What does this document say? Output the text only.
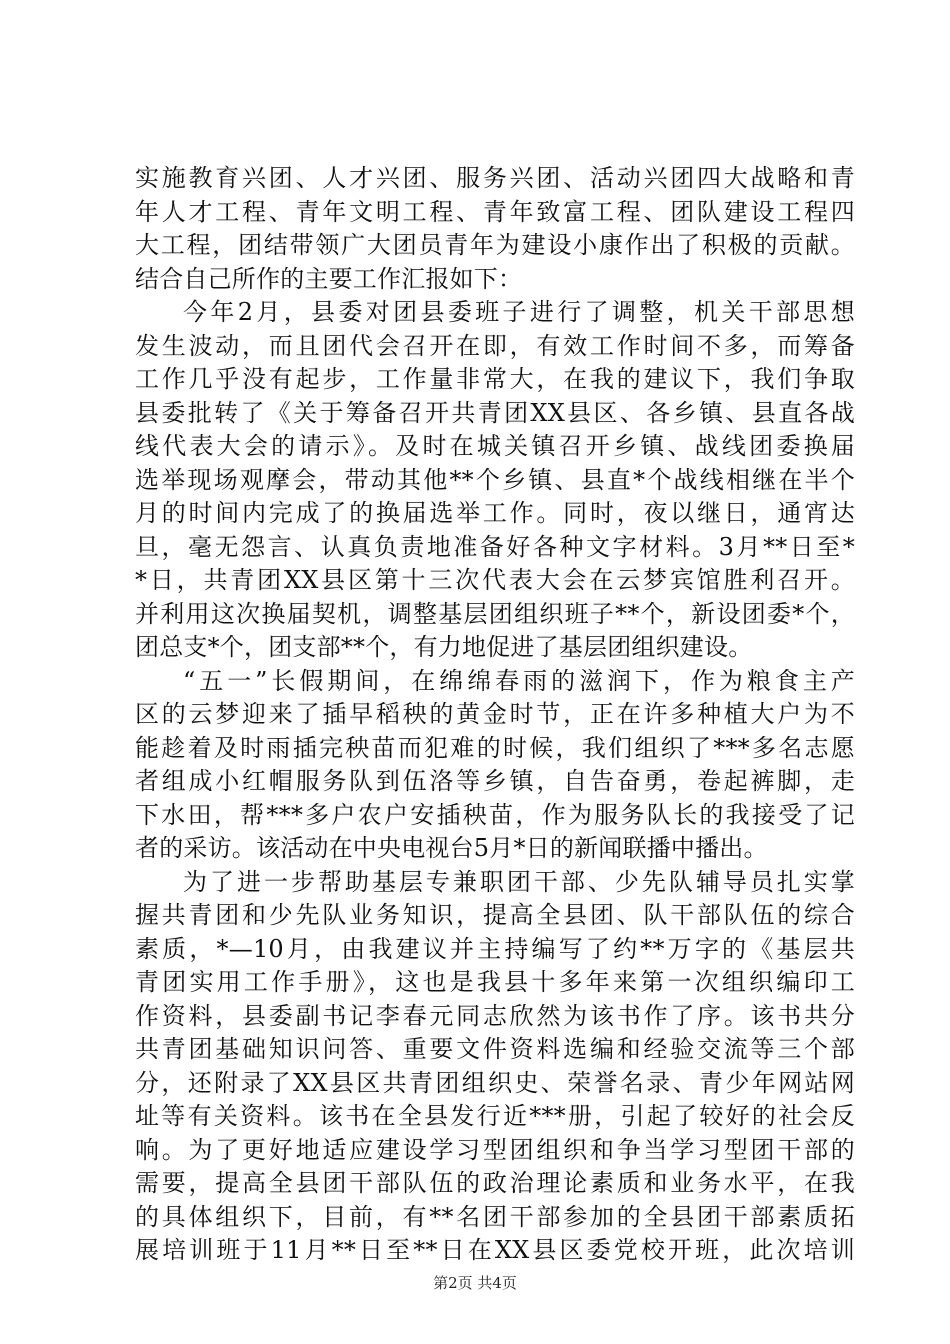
实施教育兴团、人才兴团、服务兴团、活动兴团四大战略和青
年人才工程、青年文明工程、青年致富工程、团队建设工程四
大工程，团结带领广大团员青年为建设小康作出了积极的贡献。
结合自己所作的主要工作汇报如下：
今年2月，县委对团县委班子进行了调整，机关干部思想
发生波动，而且团代会召开在即，有效工作时间不多，而筹备
工作几乎没有起步，工作量非常大，在我的建议下，我们争取
县委批转了《关于筹备召开共青团XX县区、各乡镇、县直各战
线代表大会的请示》。及时在城关镇召开乡镇、战线团委换届
选举现场观摩会，带动其他**个乡镇、县直*个战线相继在半个
月的时间内完成了的换届选举工作。同时，夜以继日，通宵达
旦，毫无怨言、认真负责地准备好各种文字材料。3月**日至*
*日，共青团XX县区第十三次代表大会在云梦宾馆胜利召开。
并利用这次换届契机，调整基层团组织班子**个，新设团委*个，
团总支*个，团支部**个，有力地促进了基层团组织建设。
“五一”长假期间，在绵绵春雨的滋润下，作为粮食主产
区的云梦迎来了插早稻秧的黄金时节，正在许多种植大户为不
能趁着及时雨插完秧苗而犯难的时候，我们组织了***多名志愿
者组成小红帽服务队到伍洛等乡镇，自告奋勇，卷起裤脚，走
下水田，帮***多户农户安插秧苗，作为服务队长的我接受了记
者的采访。该活动在中央电视台5月*日的新闻联播中播出。
为了进一步帮助基层专兼职团干部、少先队辅导员扎实掌
握共青团和少先队业务知识，提高全县团、队干部队伍的综合
素质，*—10月，由我建议并主持编写了约**万字的《基层共
青团实用工作手册》，这也是我县十多年来第一次组织编印工
作资料，县委副书记李春元同志欣然为该书作了序。该书共分
共青团基础知识问答、重要文件资料选编和经验交流等三个部
分，还附录了XX县区共青团组织史、荣誉名录、青少年网站网
址等有关资料。该书在全县发行近***册，引起了较好的社会反
响。为了更好地适应建设学习型团组织和争当学习型团干部的
需要，提高全县团干部队伍的政治理论素质和业务水平，在我
的具体组织下，目前，有**名团干部参加的全县团干部素质拓
展培训班于11月**日至**日在XX县区委党校开班，此次培训
第2页 共4页
